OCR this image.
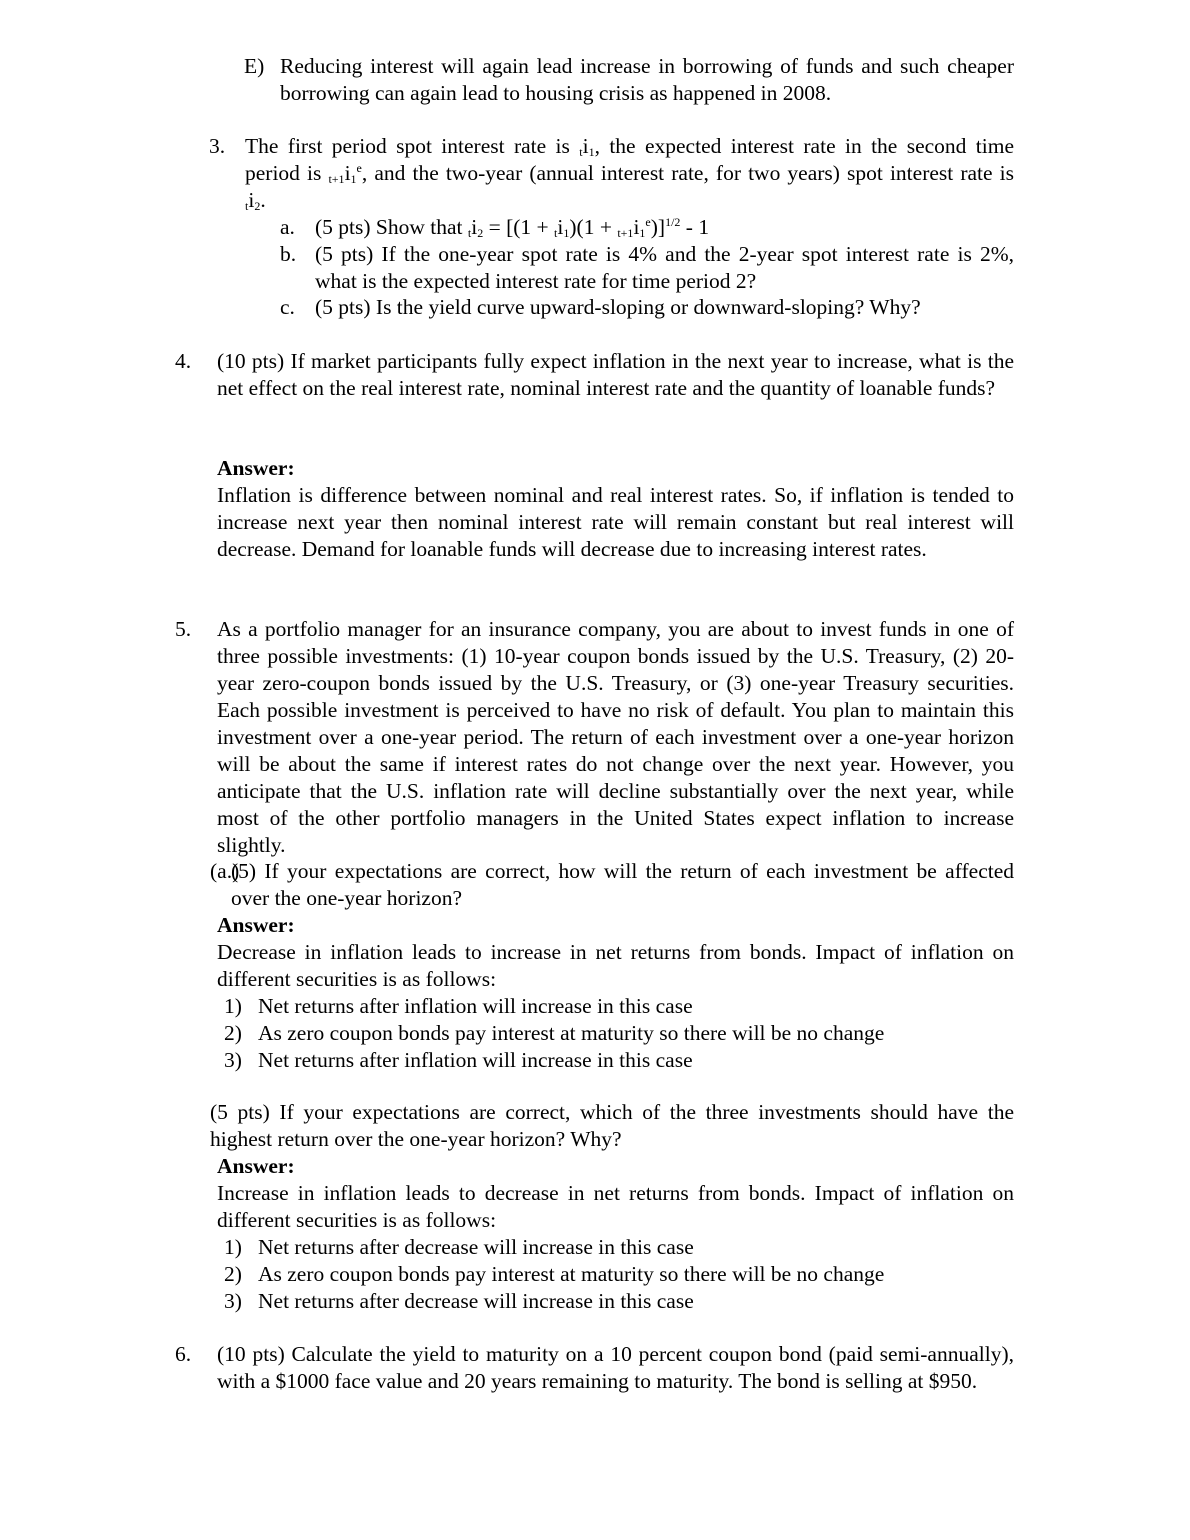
E) Reducing interest will again lead increase in borrowing of funds and such cheaper borrowing can again lead to housing crisis as happened in 2008.
3. The first period spot interest rate is $_ti_1$, the expected interest rate in the second time period is $_{t+1}i_1^e$, and the two-year (annual interest rate, for two years) spot interest rate is $_ti_2$.
a. (5 pts) Show that $_ti_2 = [(1 + _ti_1)(1 + _{t+1}i_1^e)]^{1/2} - 1$
b. (5 pts) If the one-year spot rate is 4% and the 2-year spot interest rate is 2%, what is the expected interest rate for time period 2?
c. (5 pts) Is the yield curve upward-sloping or downward-sloping? Why?
4. (10 pts) If market participants fully expect inflation in the next year to increase, what is the net effect on the real interest rate, nominal interest rate and the quantity of loanable funds?
Answer:
Inflation is difference between nominal and real interest rates. So, if inflation is tended to increase next year then nominal interest rate will remain constant but real interest will decrease. Demand for loanable funds will decrease due to increasing interest rates.
5. As a portfolio manager for an insurance company, you are about to invest funds in one of three possible investments: (1) 10-year coupon bonds issued by the U.S. Treasury, (2) 20-year zero-coupon bonds issued by the U.S. Treasury, or (3) one-year Treasury securities. Each possible investment is perceived to have no risk of default. You plan to maintain this investment over a one-year period. The return of each investment over a one-year horizon will be about the same if interest rates do not change over the next year. However, you anticipate that the U.S. inflation rate will decline substantially over the next year, while most of the other portfolio managers in the United States expect inflation to increase slightly.
(a.)
(5) If your expectations are correct, how will the return of each investment be affected over the one-year horizon?
Answer:
Decrease in inflation leads to increase in net returns from bonds. Impact of inflation on different securities is as follows:
1) Net returns after inflation will increase in this case
2) As zero coupon bonds pay interest at maturity so there will be no change
3) Net returns after inflation will increase in this case
(5 pts) If your expectations are correct, which of the three investments should have the highest return over the one-year horizon? Why?
Answer:
Increase in inflation leads to decrease in net returns from bonds. Impact of inflation on different securities is as follows:
1) Net returns after decrease will increase in this case
2) As zero coupon bonds pay interest at maturity so there will be no change
3) Net returns after decrease will increase in this case
6. (10 pts) Calculate the yield to maturity on a 10 percent coupon bond (paid semi-annually), with a $1000 face value and 20 years remaining to maturity. The bond is selling at $950.
